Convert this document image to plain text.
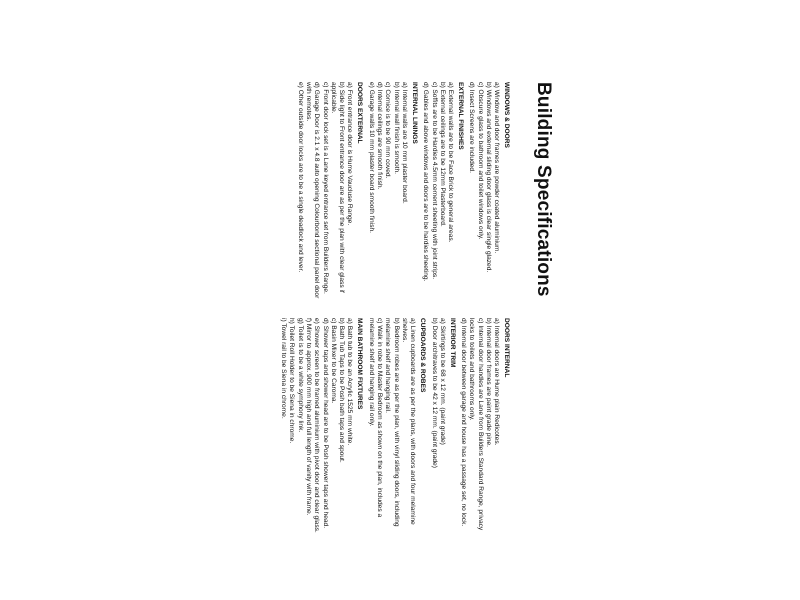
Building Specifications
WINDOWS & DOORS
a) Window and door frames are powder coated aluminium.
b) Windows and external sliding door glass is clear single glazed.
c) Obscure glass to bathroom and toilet windows only.
d) Insect Screens are included.
EXTERNAL FINISHES
a) External walls are to be Face Brick to general areas.
b) External ceilings are to be 12mm Plasterboard.
c) Soffits are to be Hardies 4.5mm cement sheeting with joint strips.
d) Gables and above windows and doors are to be hardies sheeting.
INTERNAL LININGS
a) Internal walls are 10 mm plaster board.
b) Internal wall finish is smooth.
c) Cornice is to be 90 mm coved.
d) Internal ceilings are smooth finish.
e) Garage walls 10 mm plaster board smooth finish.
DOORS EXTERNAL
a) Front entrance door is Hume Vaucluse Range.
b) Side light to Front entrance door are as per the plan with clear glass if applicable.
c) Front door lock set is a Lane keyed entrance set from Builders Range.
d) Garage Door is 2.1 x 4.8 auto opening Colourbond sectional panel door with remotes.
e) Other outside door locks are to be a single deadlock and lever.
DOORS INTERNAL
a) Internal doors are Hume plain Redicotes.
b) Internal door frames are paint grade pine.
c) Internal door handles are Lane from Builders Standard Range, privacy locks to toilets and bathrooms only.
d) Internal door between garage and house has a passage set, no lock.
INTERIOR TRIM
a) Skirtings to be 68 x 12 mm. (paint grade)
b) Door architraves to be 42 x 12 mm. (paint grade)
CUPBOARDS & ROBES
a) Linen cupboards are as per the plans, with doors and four melamine shelves.
b) Bedroom robes are as per the plan, with vinyl sliding doors, including melamine shelf and hanging rail.
c) Walk in robe to Master Bedroom as shown on the plan, includes a melamine shelf and hanging rail only.
MAIN BATHROOM FIXTURES
a) Bath tub to be an Acrylic 1525 mm white.
b) Bath Tub Taps to be Posh bath taps and spout.
c) Basin Mixer to be Caroma.
d) Shower taps and shower head are to be Posh shower taps and head.
e) Shower screen to be framed aluminium with pivot door and clear glass.
f) Mirror to approx. 900 mm high and full length of vanity with frame.
g) Toilet is to be a white symphony link.
h) Toilet Roll Holder to be Siena in chrome.
i) Towel rail to be Siena in chrome.
